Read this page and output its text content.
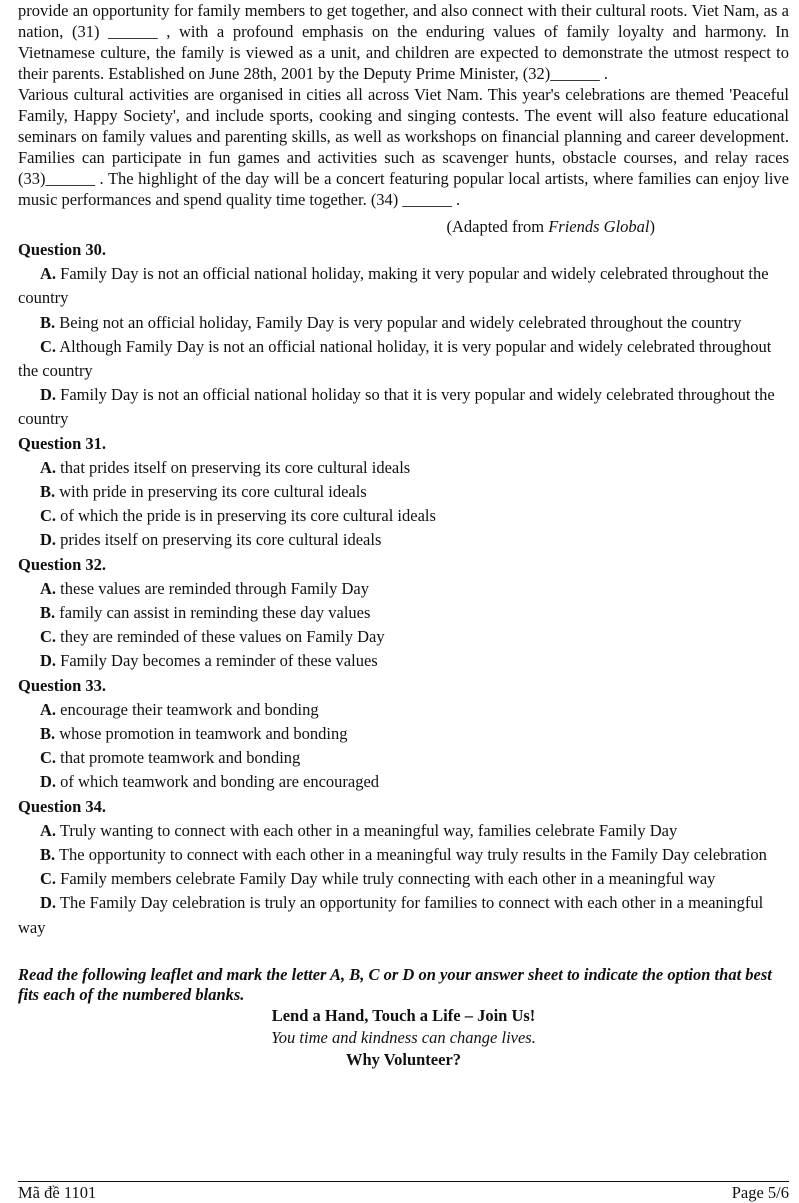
provide an opportunity for family members to get together, and also connect with their cultural roots. Viet Nam, as a nation, (31) ______ , with a profound emphasis on the enduring values of family loyalty and harmony. In Vietnamese culture, the family is viewed as a unit, and children are expected to demonstrate the utmost respect to their parents. Established on June 28th, 2001 by the Deputy Prime Minister, (32)______ .

Various cultural activities are organised in cities all across Viet Nam. This year's celebrations are themed 'Peaceful Family, Happy Society', and include sports, cooking and singing contests. The event will also feature educational seminars on family values and parenting skills, as well as workshops on financial planning and career development. Families can participate in fun games and activities such as scavenger hunts, obstacle courses, and relay races (33)______ . The highlight of the day will be a concert featuring popular local artists, where families can enjoy live music performances and spend quality time together. (34) ______ .

(Adapted from Friends Global)

Question 30.

A. Family Day is not an official national holiday, making it very popular and widely celebrated throughout the country

B. Being not an official holiday, Family Day is very popular and widely celebrated throughout the country

C. Although Family Day is not an official national holiday, it is very popular and widely celebrated throughout the country

D. Family Day is not an official national holiday so that it is very popular and widely celebrated throughout the country

Question 31.

A. that prides itself on preserving its core cultural ideals

B. with pride in preserving its core cultural ideals

C. of which the pride is in preserving its core cultural ideals

D. prides itself on preserving its core cultural ideals

Question 32.

A. these values are reminded through Family Day

B. family can assist in reminding these day values

C. they are reminded of these values on Family Day

D. Family Day becomes a reminder of these values

Question 33.

A. encourage their teamwork and bonding

B. whose promotion in teamwork and bonding

C. that promote teamwork and bonding

D. of which teamwork and bonding are encouraged

Question 34.

A. Truly wanting to connect with each other in a meaningful way, families celebrate Family Day

B. The opportunity to connect with each other in a meaningful way truly results in the Family Day celebration

C. Family members celebrate Family Day while truly connecting with each other in a meaningful way

D. The Family Day celebration is truly an opportunity for families to connect with each other in a meaningful way

Read the following leaflet and mark the letter A, B, C or D on your answer sheet to indicate the option that best fits each of the numbered blanks.

Lend a Hand, Touch a Life – Join Us!

You time and kindness can change lives.

Why Volunteer?

Mã đề 1101	Page 5/6
